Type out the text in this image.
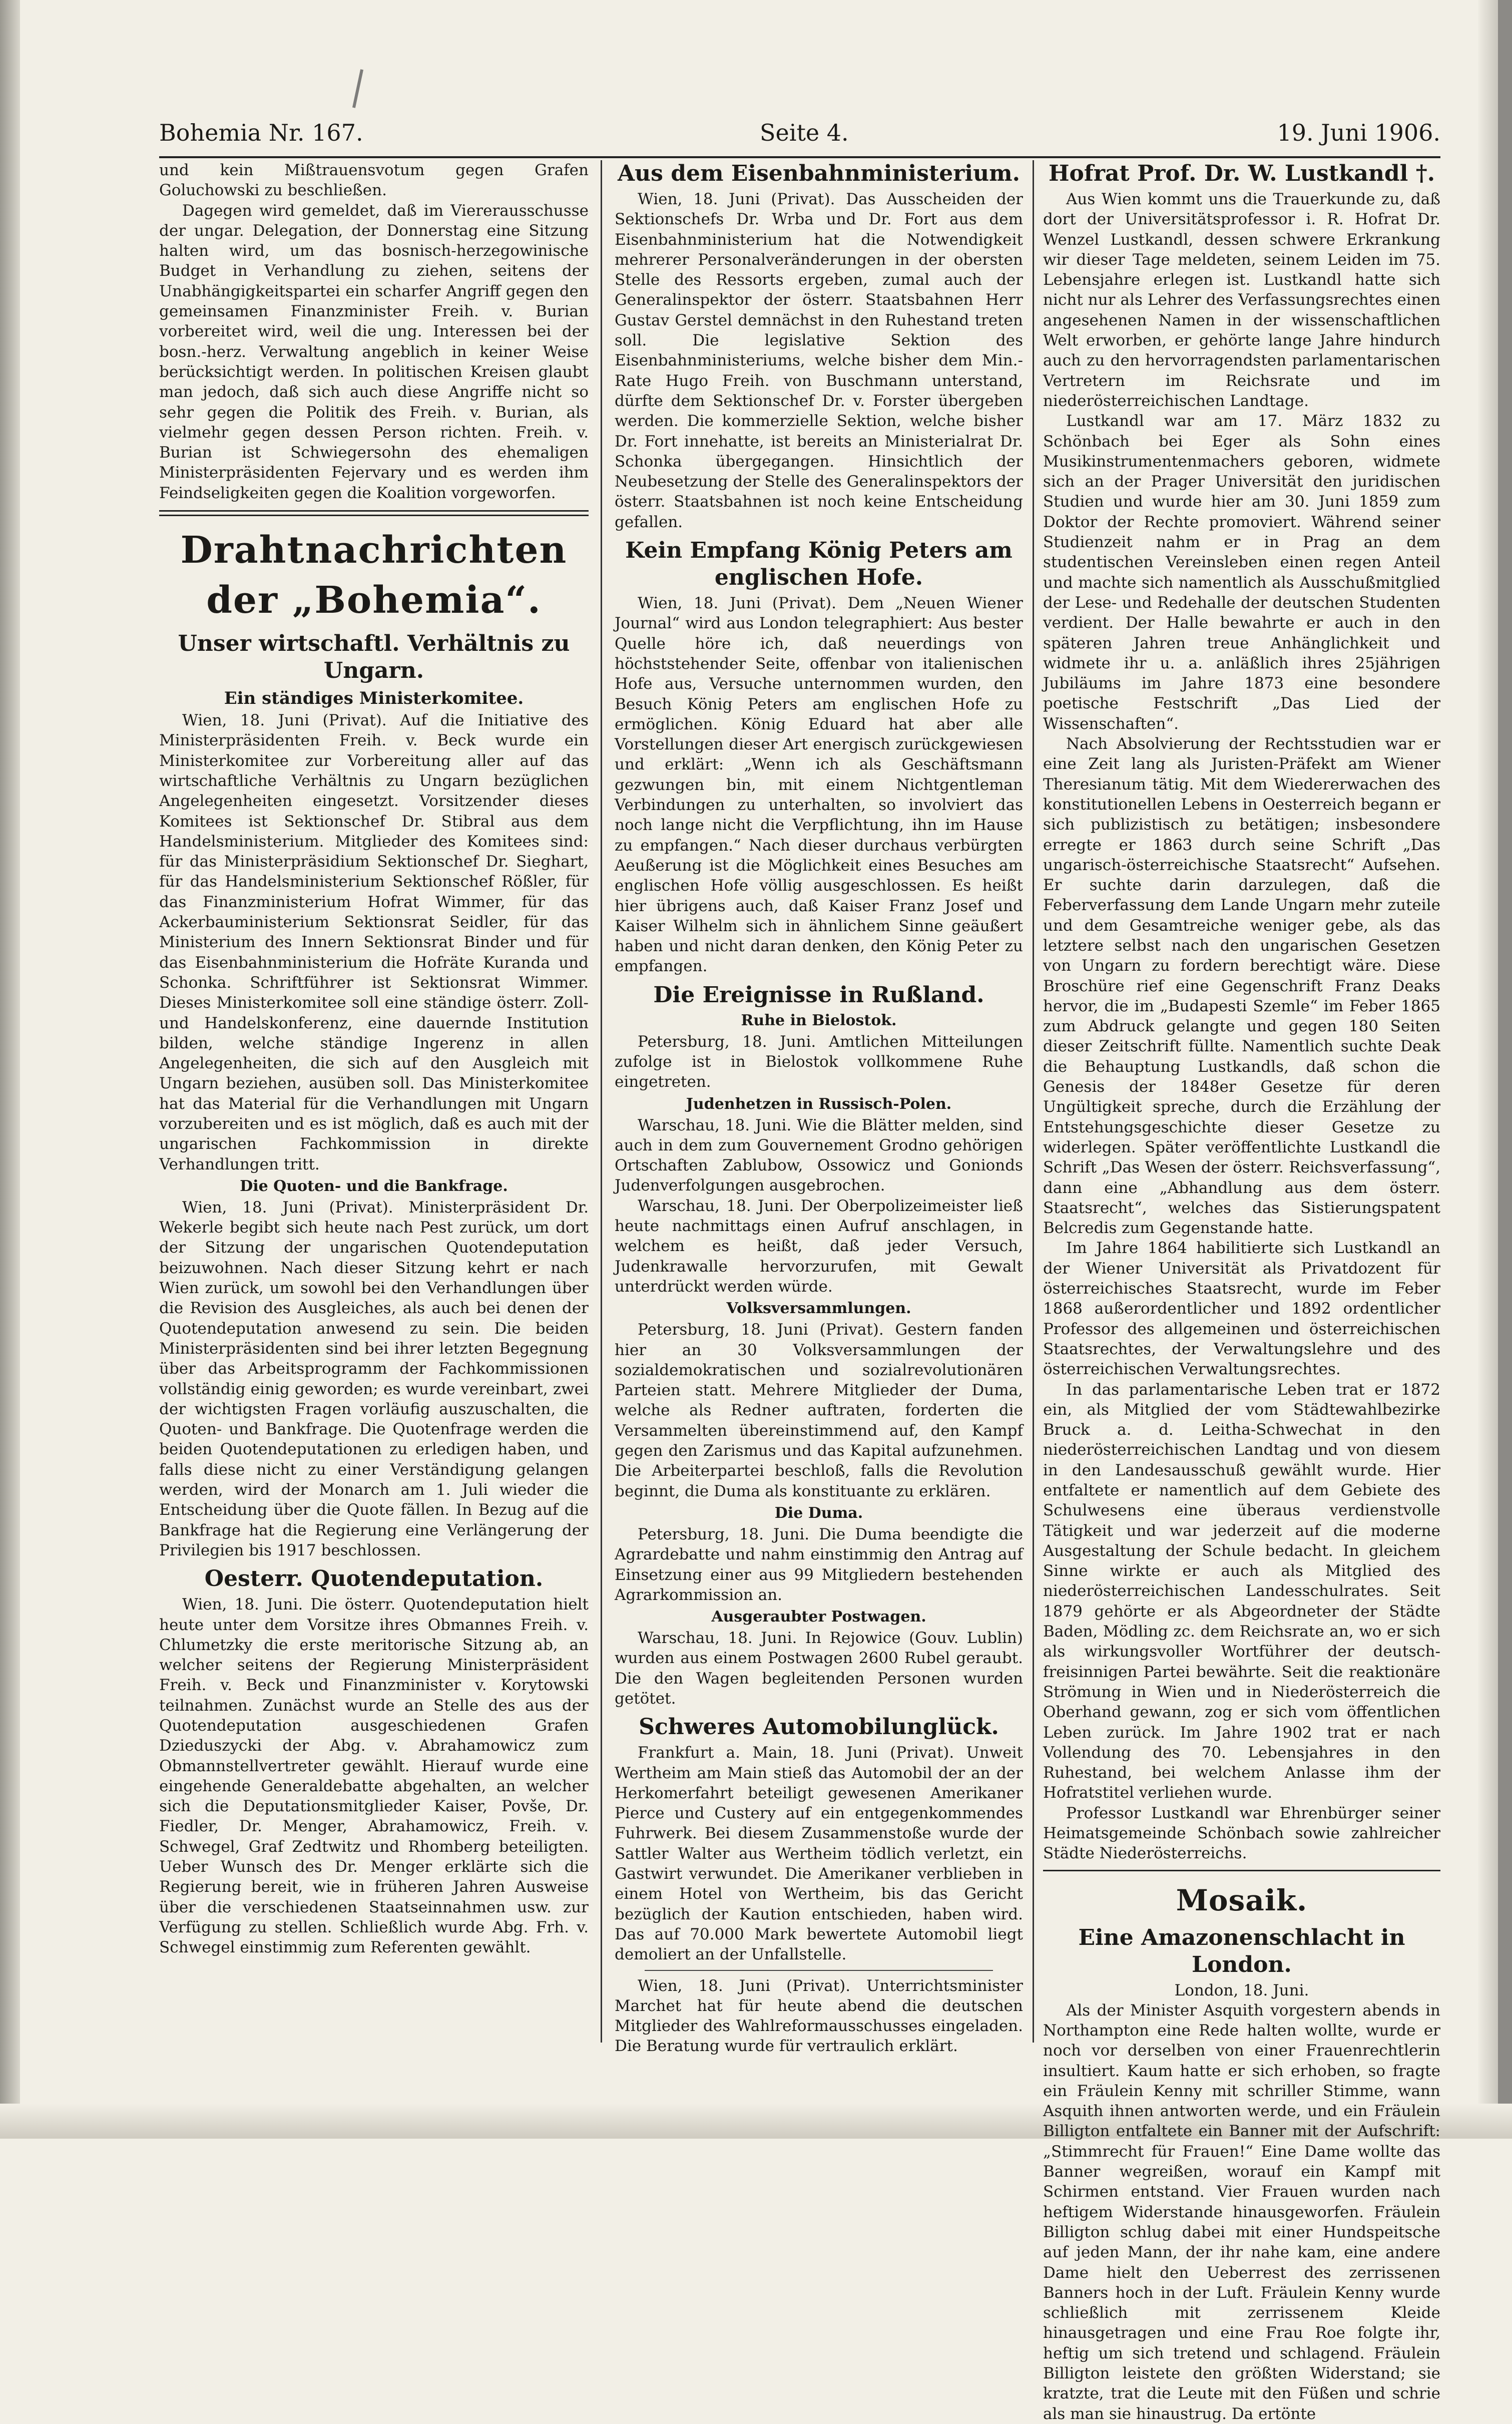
Bohemia Nr. 167.	Seite 4.	19. Juni 1906.

und kein Mißtrauensvotum gegen Grafen Goluchowski zu beschließen.

Dagegen wird gemeldet, daß im Viererausschusse der ungar. Delegation, der Donnerstag eine Sitzung halten wird, um das bosnisch-herzegowinische Budget in Verhandlung zu ziehen, seitens der Unabhängigkeitspartei ein scharfer Angriff gegen den gemeinsamen Finanzminister Freih. v. Burian vorbereitet wird, weil die ung. Interessen bei der bosn.-herz. Verwaltung angeblich in keiner Weise berücksichtigt werden. In politischen Kreisen glaubt man jedoch, daß sich auch diese Angriffe nicht so sehr gegen die Politik des Freih. v. Burian, als vielmehr gegen dessen Person richten. Freih. v. Burian ist Schwiegersohn des ehemaligen Ministerpräsidenten Fejervary und es werden ihm Feindseligkeiten gegen die Koalition vorgeworfen.

Drahtnachrichten der „Bohemia“.
Unser wirtschaftl. Verhältnis zu Ungarn.
Ein ständiges Ministerkomitee.

Wien, 18. Juni (Privat). Auf die Initiative des Ministerpräsidenten Freih. v. Beck wurde ein Ministerkomitee zur Vorbereitung aller auf das wirtschaftliche Verhältnis zu Ungarn bezüglichen Angelegenheiten eingesetzt. Vorsitzender dieses Komitees ist Sektionschef Dr. Stibral aus dem Handelsministerium. Mitglieder des Komitees sind: für das Ministerpräsidium Sektionschef Dr. Sieghart, für das Handelsministerium Sektionschef Rößler, für das Finanzministerium Hofrat Wimmer, für das Ackerbauministerium Sektionsrat Seidler, für das Ministerium des Innern Sektionsrat Binder und für das Eisenbahnministerium die Hofräte Kuranda und Schonka. Schriftführer ist Sektionsrat Wimmer. Dieses Ministerkomitee soll eine ständige österr. Zoll- und Handelskonferenz, eine dauernde Institution bilden, welche ständige Ingerenz in allen Angelegenheiten, die sich auf den Ausgleich mit Ungarn beziehen, ausüben soll. Das Ministerkomitee hat das Material für die Verhandlungen mit Ungarn vorzubereiten und es ist möglich, daß es auch mit der ungarischen Fachkommission in direkte Verhandlungen tritt.

Die Quoten- und die Bankfrage.

Wien, 18. Juni (Privat). Ministerpräsident Dr. Wekerle begibt sich heute nach Pest zurück, um dort der Sitzung der ungarischen Quotendeputation beizuwohnen. Nach dieser Sitzung kehrt er nach Wien zurück, um sowohl bei den Verhandlungen über die Revision des Ausgleiches, als auch bei denen der Quotendeputation anwesend zu sein. Die beiden Ministerpräsidenten sind bei ihrer letzten Begegnung über das Arbeitsprogramm der Fachkommissionen vollständig einig geworden; es wurde vereinbart, zwei der wichtigsten Fragen vorläufig auszuschalten, die Quoten- und Bankfrage. Die Quotenfrage werden die beiden Quotendeputationen zu erledigen haben, und falls diese nicht zu einer Verständigung gelangen werden, wird der Monarch am 1. Juli wieder die Entscheidung über die Quote fällen. In Bezug auf die Bankfrage hat die Regierung eine Verlängerung der Privilegien bis 1917 beschlossen.

Oesterr. Quotendeputation.

Wien, 18. Juni. Die österr. Quotendeputation hielt heute unter dem Vorsitze ihres Obmannes Freih. v. Chlumetzky die erste meritorische Sitzung ab, an welcher seitens der Regierung Ministerpräsident Freih. v. Beck und Finanzminister v. Korytowski teilnahmen. Zunächst wurde an Stelle des aus der Quotendeputation ausgeschiedenen Grafen Dzieduszycki der Abg. v. Abrahamowicz zum Obmannstellvertreter gewählt. Hierauf wurde eine eingehende Generaldebatte abgehalten, an welcher sich die Deputationsmitglieder Kaiser, Povše, Dr. Fiedler, Dr. Menger, Abrahamowicz, Freih. v. Schwegel, Graf Zedtwitz und Rhomberg beteiligten. Ueber Wunsch des Dr. Menger erklärte sich die Regierung bereit, wie in früheren Jahren Ausweise über die verschiedenen Staatseinnahmen usw. zur Verfügung zu stellen. Schließlich wurde Abg. Frh. v. Schwegel einstimmig zum Referenten gewählt.

Aus dem Eisenbahnministerium.

Wien, 18. Juni (Privat). Das Ausscheiden der Sektionschefs Dr. Wrba und Dr. Fort aus dem Eisenbahnministerium hat die Notwendigkeit mehrerer Personalveränderungen in der obersten Stelle des Ressorts ergeben, zumal auch der Generalinspektor der österr. Staatsbahnen Herr Gustav Gerstel demnächst in den Ruhestand treten soll. Die legislative Sektion des Eisenbahnministeriums, welche bisher dem Min.-Rate Hugo Freih. von Buschmann unterstand, dürfte dem Sektionschef Dr. v. Forster übergeben werden. Die kommerzielle Sektion, welche bisher Dr. Fort innehatte, ist bereits an Ministerialrat Dr. Schonka übergegangen. Hinsichtlich der Neubesetzung der Stelle des Generalinspektors der österr. Staatsbahnen ist noch keine Entscheidung gefallen.

Kein Empfang König Peters am englischen Hofe.

Wien, 18. Juni (Privat). Dem „Neuen Wiener Journal“ wird aus London telegraphiert: Aus bester Quelle höre ich, daß neuerdings von höchststehender Seite, offenbar von italienischen Hofe aus, Versuche unternommen wurden, den Besuch König Peters am englischen Hofe zu ermöglichen. König Eduard hat aber alle Vorstellungen dieser Art energisch zurückgewiesen und erklärt: „Wenn ich als Geschäftsmann gezwungen bin, mit einem Nichtgentleman Verbindungen zu unterhalten, so involviert das noch lange nicht die Verpflichtung, ihn im Hause zu empfangen.“ Nach dieser durchaus verbürgten Aeußerung ist die Möglichkeit eines Besuches am englischen Hofe völlig ausgeschlossen. Es heißt hier übrigens auch, daß Kaiser Franz Josef und Kaiser Wilhelm sich in ähnlichem Sinne geäußert haben und nicht daran denken, den König Peter zu empfangen.

Die Ereignisse in Rußland.
Ruhe in Bielostok.

Petersburg, 18. Juni. Amtlichen Mitteilungen zufolge ist in Bielostok vollkommene Ruhe eingetreten.

Judenhetzen in Russisch-Polen.

Warschau, 18. Juni. Wie die Blätter melden, sind auch in dem zum Gouvernement Grodno gehörigen Ortschaften Zablubow, Ossowicz und Gonionds Judenverfolgungen ausgebrochen.

Warschau, 18. Juni. Der Oberpolizeimeister ließ heute nachmittags einen Aufruf anschlagen, in welchem es heißt, daß jeder Versuch, Judenkrawalle hervorzurufen, mit Gewalt unterdrückt werden würde.

Volksversammlungen.

Petersburg, 18. Juni (Privat). Gestern fanden hier an 30 Volksversammlungen der sozialdemokratischen und sozialrevolutionären Parteien statt. Mehrere Mitglieder der Duma, welche als Redner auftraten, forderten die Versammelten übereinstimmend auf, den Kampf gegen den Zarismus und das Kapital aufzunehmen. Die Arbeiterpartei beschloß, falls die Revolution beginnt, die Duma als konstituante zu erklären.

Die Duma.

Petersburg, 18. Juni. Die Duma beendigte die Agrardebatte und nahm einstimmig den Antrag auf Einsetzung einer aus 99 Mitgliedern bestehenden Agrarkommission an.

Ausgeraubter Postwagen.

Warschau, 18. Juni. In Rejowice (Gouv. Lublin) wurden aus einem Postwagen 2600 Rubel geraubt. Die den Wagen begleitenden Personen wurden getötet.

Schweres Automobilunglück.

Frankfurt a. Main, 18. Juni (Privat). Unweit Wertheim am Main stieß das Automobil der an der Herkomerfahrt beteiligt gewesenen Amerikaner Pierce und Custery auf ein entgegenkommendes Fuhrwerk. Bei diesem Zusammenstoße wurde der Sattler Walter aus Wertheim tödlich verletzt, ein Gastwirt verwundet. Die Amerikaner verblieben in einem Hotel von Wertheim, bis das Gericht bezüglich der Kaution entschieden, haben wird. Das auf 70.000 Mark bewertete Automobil liegt demoliert an der Unfallstelle.

Wien, 18. Juni (Privat). Unterrichtsminister Marchet hat für heute abend die deutschen Mitglieder des Wahlreformausschusses eingeladen. Die Beratung wurde für vertraulich erklärt.

Hofrat Prof. Dr. W. Lustkandl †.

Aus Wien kommt uns die Trauerkunde zu, daß dort der Universitätsprofessor i. R. Hofrat Dr. Wenzel Lustkandl, dessen schwere Erkrankung wir dieser Tage meldeten, seinem Leiden im 75. Lebensjahre erlegen ist. Lustkandl hatte sich nicht nur als Lehrer des Verfassungsrechtes einen angesehenen Namen in der wissenschaftlichen Welt erworben, er gehörte lange Jahre hindurch auch zu den hervorragendsten parlamentarischen Vertretern im Reichsrate und im niederösterreichischen Landtage.

Lustkandl war am 17. März 1832 zu Schönbach bei Eger als Sohn eines Musikinstrumentenmachers geboren, widmete sich an der Prager Universität den juridischen Studien und wurde hier am 30. Juni 1859 zum Doktor der Rechte promoviert. Während seiner Studienzeit nahm er in Prag an dem studentischen Vereinsleben einen regen Anteil und machte sich namentlich als Ausschußmitglied der Lese- und Redehalle der deutschen Studenten verdient. Der Halle bewahrte er auch in den späteren Jahren treue Anhänglichkeit und widmete ihr u. a. anläßlich ihres 25jährigen Jubiläums im Jahre 1873 eine besondere poetische Festschrift „Das Lied der Wissenschaften“.

Nach Absolvierung der Rechtsstudien war er eine Zeit lang als Juristen-Präfekt am Wiener Theresianum tätig. Mit dem Wiedererwachen des konstitutionellen Lebens in Oesterreich begann er sich publizistisch zu betätigen; insbesondere erregte er 1863 durch seine Schrift „Das ungarisch-österreichische Staatsrecht“ Aufsehen. Er suchte darin darzulegen, daß die Feberverfassung dem Lande Ungarn mehr zuteile und dem Gesamtreiche weniger gebe, als das letztere selbst nach den ungarischen Gesetzen von Ungarn zu fordern berechtigt wäre. Diese Broschüre rief eine Gegenschrift Franz Deaks hervor, die im „Budapesti Szemle“ im Feber 1865 zum Abdruck gelangte und gegen 180 Seiten dieser Zeitschrift füllte. Namentlich suchte Deak die Behauptung Lustkandls, daß schon die Genesis der 1848er Gesetze für deren Ungültigkeit spreche, durch die Erzählung der Entstehungsgeschichte dieser Gesetze zu widerlegen. Später veröffentlichte Lustkandl die Schrift „Das Wesen der österr. Reichsverfassung“, dann eine „Abhandlung aus dem österr. Staatsrecht“, welches das Sistierungspatent Belcredis zum Gegenstande hatte.

Im Jahre 1864 habilitierte sich Lustkandl an der Wiener Universität als Privatdozent für österreichisches Staatsrecht, wurde im Feber 1868 außerordentlicher und 1892 ordentlicher Professor des allgemeinen und österreichischen Staatsrechtes, der Verwaltungslehre und des österreichischen Verwaltungsrechtes.

In das parlamentarische Leben trat er 1872 ein, als Mitglied der vom Städtewahlbezirke Bruck a. d. Leitha-Schwechat in den niederösterreichischen Landtag und von diesem in den Landesausschuß gewählt wurde. Hier entfaltete er namentlich auf dem Gebiete des Schulwesens eine überaus verdienstvolle Tätigkeit und war jederzeit auf die moderne Ausgestaltung der Schule bedacht. In gleichem Sinne wirkte er auch als Mitglied des niederösterreichischen Landesschulrates. Seit 1879 gehörte er als Abgeordneter der Städte Baden, Mödling zc. dem Reichsrate an, wo er sich als wirkungsvoller Wortführer der deutsch-freisinnigen Partei bewährte. Seit die reaktionäre Strömung in Wien und in Niederösterreich die Oberhand gewann, zog er sich vom öffentlichen Leben zurück. Im Jahre 1902 trat er nach Vollendung des 70. Lebensjahres in den Ruhestand, bei welchem Anlasse ihm der Hofratstitel verliehen wurde.

Professor Lustkandl war Ehrenbürger seiner Heimatsgemeinde Schönbach sowie zahlreicher Städte Niederösterreichs.

Mosaik.
Eine Amazonenschlacht in London.
London, 18. Juni.

Als der Minister Asquith vorgestern abends in Northampton eine Rede halten wollte, wurde er noch vor derselben von einer Frauenrechtlerin insultiert. Kaum hatte er sich erhoben, so fragte ein Fräulein Kenny mit schriller Stimme, wann Asquith ihnen antworten werde, und ein Fräulein Billigton entfaltete ein Banner mit der Aufschrift: „Stimmrecht für Frauen!“ Eine Dame wollte das Banner wegreißen, worauf ein Kampf mit Schirmen entstand. Vier Frauen wurden nach heftigem Widerstande hinausgeworfen. Fräulein Billigton schlug dabei mit einer Hundspeitsche auf jeden Mann, der ihr nahe kam, eine andere Dame hielt den Ueberrest des zerrissenen Banners hoch in der Luft. Fräulein Kenny wurde schließlich mit zerrissenem Kleide hinausgetragen und eine Frau Roe folgte ihr, heftig um sich tretend und schlagend. Fräulein Billigton leistete den größten Widerstand; sie kratzte, trat die Leute mit den Füßen und schrie als man sie hinaustrug. Da ertönte
